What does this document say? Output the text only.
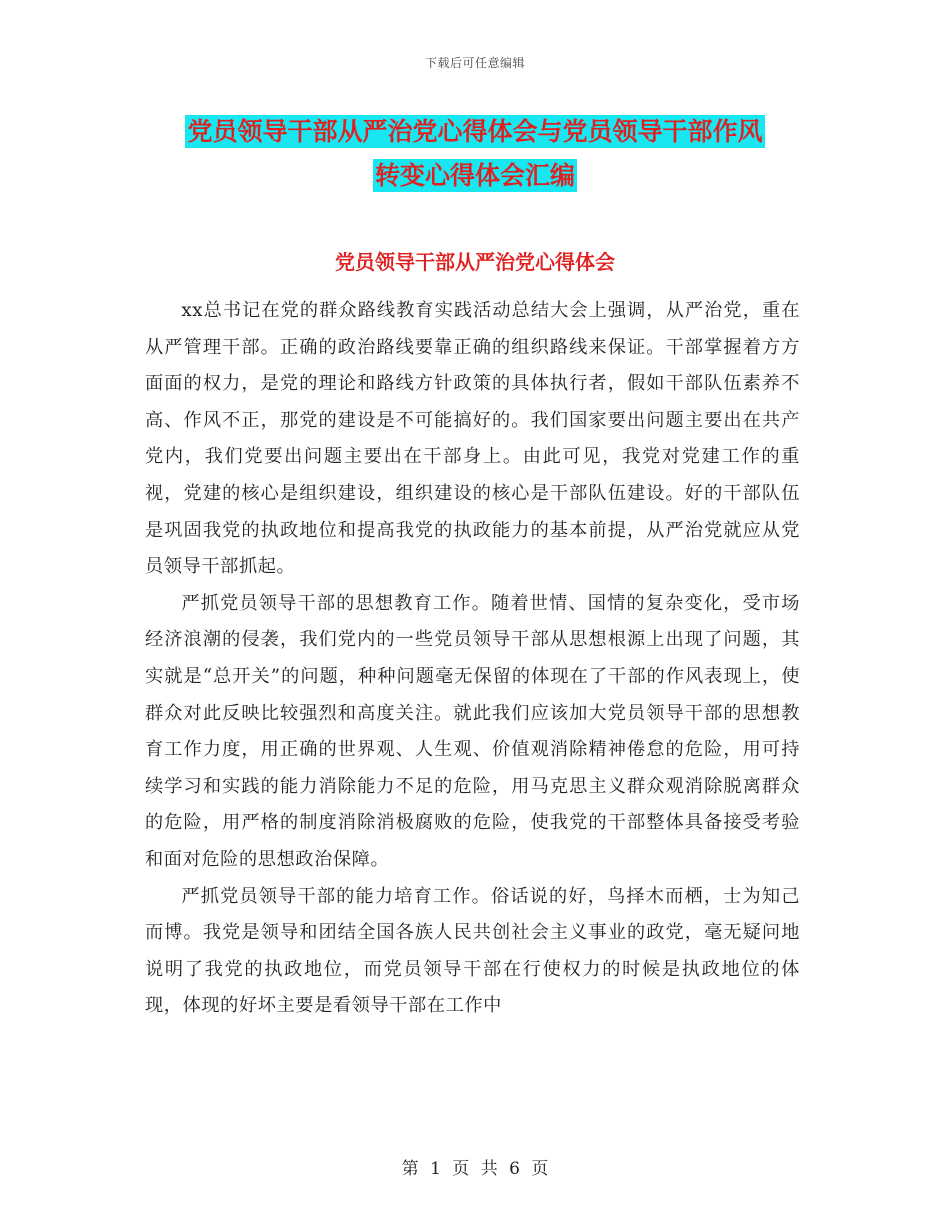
下载后可任意编辑
党员领导干部从严治党心得体会与党员领导干部作风
转变心得体会汇编
党员领导干部从严治党心得体会

xx总书记在党的群众路线教育实践活动总结大会上强调，从严治党，重在从严管理干部。正确的政治路线要靠正确的组织路线来保证。干部掌握着方方面面的权力，是党的理论和路线方针政策的具体执行者，假如干部队伍素养不高、作风不正，那党的建设是不可能搞好的。我们国家要出问题主要出在共产党内，我们党要出问题主要出在干部身上。由此可见，我党对党建工作的重视，党建的核心是组织建设，组织建设的核心是干部队伍建设。好的干部队伍是巩固我党的执政地位和提高我党的执政能力的基本前提，从严治党就应从党员领导干部抓起。

严抓党员领导干部的思想教育工作。随着世情、国情的复杂变化，受市场经济浪潮的侵袭，我们党内的一些党员领导干部从思想根源上出现了问题，其实就是“总开关”的问题，种种问题毫无保留的体现在了干部的作风表现上，使群众对此反映比较强烈和高度关注。就此我们应该加大党员领导干部的思想教育工作力度，用正确的世界观、人生观、价值观消除精神倦怠的危险，用可持续学习和实践的能力消除能力不足的危险，用马克思主义群众观消除脱离群众的危险，用严格的制度消除消极腐败的危险，使我党的干部整体具备接受考验和面对危险的思想政治保障。

严抓党员领导干部的能力培育工作。俗话说的好，鸟择木而栖，士为知己而博。我党是领导和团结全国各族人民共创社会主义事业的政党，毫无疑问地说明了我党的执政地位，而党员领导干部在行使权力的时候是执政地位的体现，体现的好坏主要是看领导干部在工作中

第 1 页 共 6 页
